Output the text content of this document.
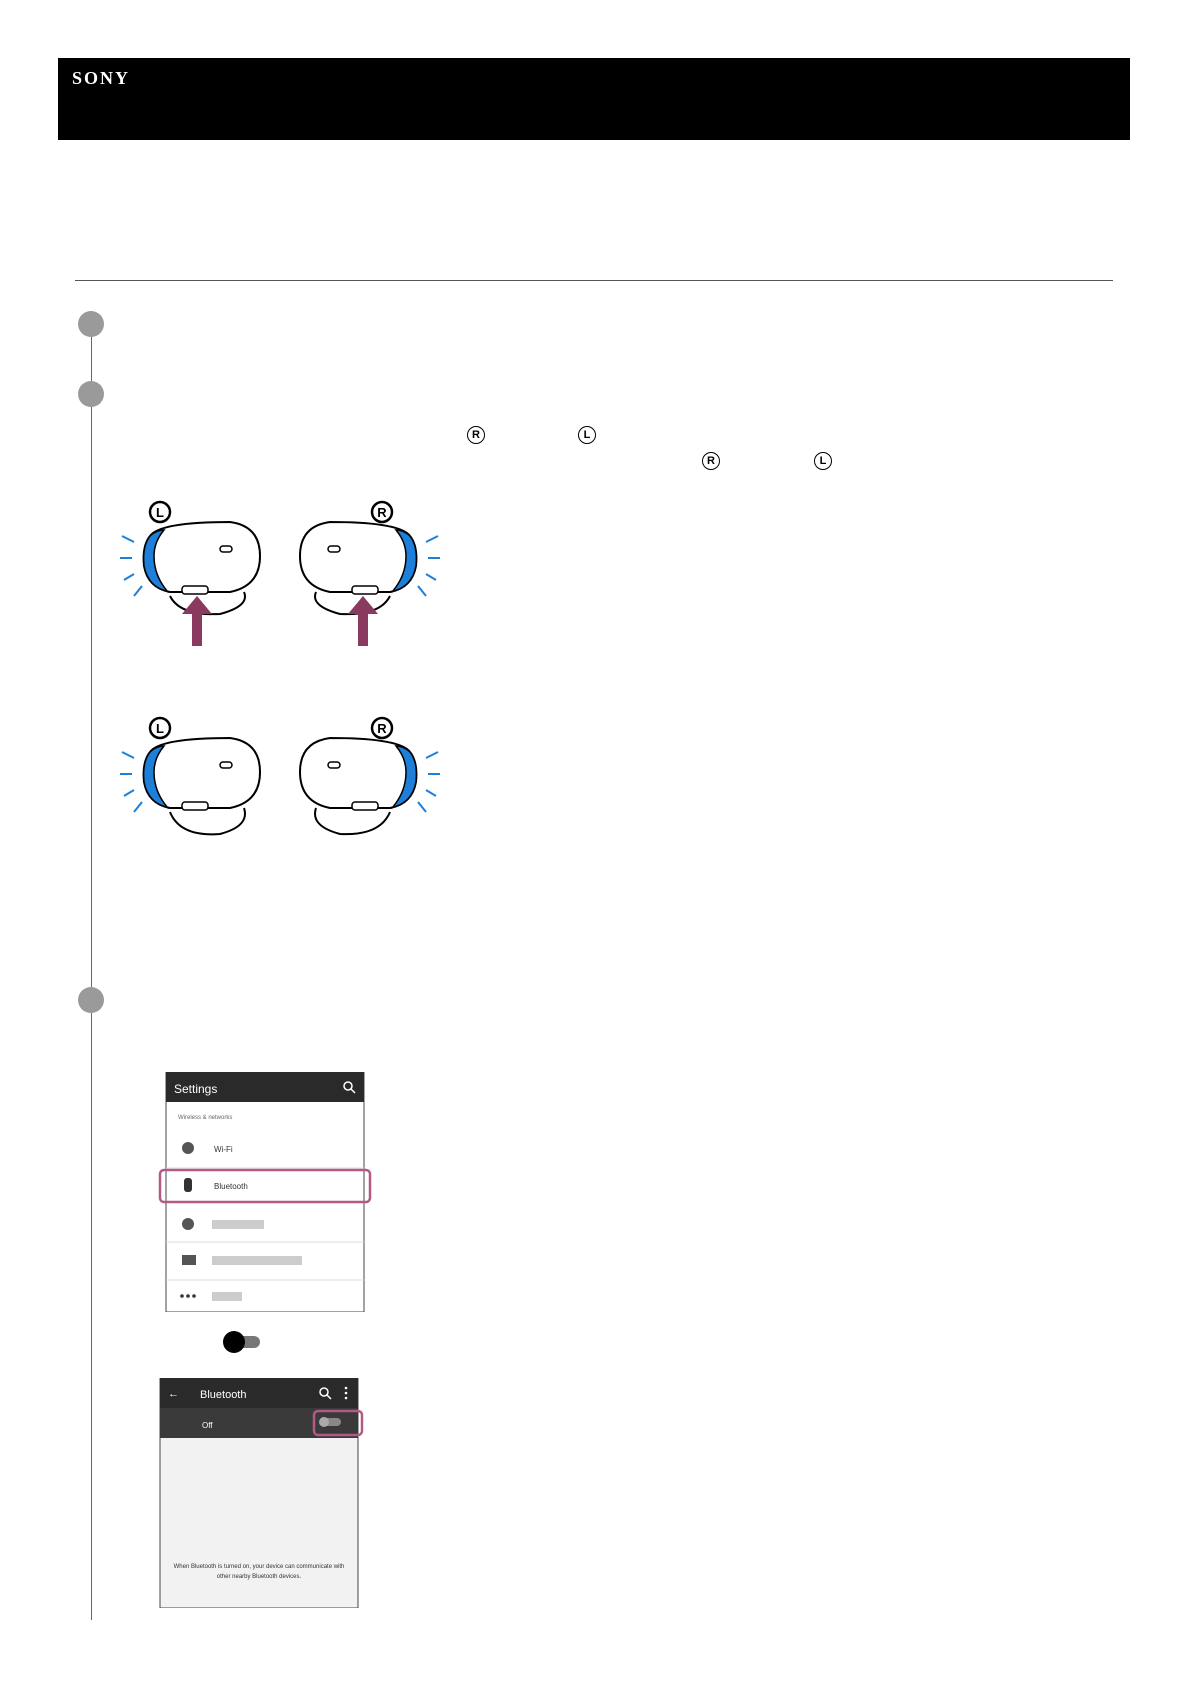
SONY
R	L
R	L
L	R
L	R
Settings
Wireless & networks
Wi-Fi
Bluetooth
← Bluetooth
Off
When Bluetooth is turned on, your device can communicate with
other nearby Bluetooth devices.
